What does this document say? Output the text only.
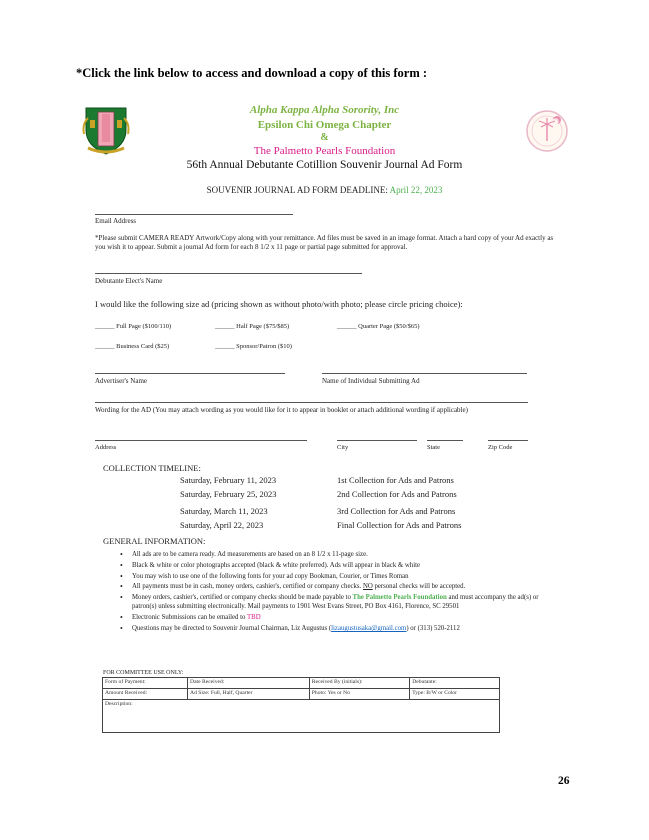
*Click the link below to access and download a copy of this form :
Alpha Kappa Alpha Sorority, Inc
Epsilon Chi Omega Chapter
&
The Palmetto Pearls Foundation
56th Annual Debutante Cotillion Souvenir Journal Ad Form
SOUVENIR JOURNAL AD FORM DEADLINE: April 22, 2023
Email Address
*Please submit CAMERA READY Artwork/Copy along with your remittance. Ad files must be saved in an image format. Attach a hard copy of your Ad exactly as you wish it to appear. Submit a journal Ad form for each 8 1/2 x 11 page or partial page submitted for approval.
Debutante Elect's Name
I would like the following size ad (pricing shown as without photo/with photo; please circle pricing choice):
______ Full Page ($100/110)	______ Half Page ($75/$85)	______ Quarter Page ($50/$65)
______ Business Card ($25)	______ Sponsor/Patron ($10)
Advertiser's Name	Name of Individual Submitting Ad
Wording for the AD (You may attach wording as you would like for it to appear in booklet or attach additional wording if applicable)
Address	City	State	Zip Code
COLLECTION TIMELINE:
Saturday, February 11, 2023	1st Collection for Ads and Patrons
Saturday, February 25, 2023	2nd Collection for Ads and Patrons
Saturday, March 11, 2023	3rd Collection for Ads and Patrons
Saturday, April 22, 2023	Final Collection for Ads and Patrons
GENERAL INFORMATION:
• All ads are to be camera ready. Ad measurements are based on an 8 1/2 x 11-page size.
• Black & white or color photographs accepted (black & white preferred). Ads will appear in black & white
• You may wish to use one of the following fonts for your ad copy Bookman, Courier, or Times Roman
• All payments must be in cash, money orders, cashier's, certified or company checks. NO personal checks will be accepted.
• Money orders, cashier's, certified or company checks should be made payable to The Palmetto Pearls Foundation and must accompany the ad(s) or patron(s) unless submitting electronically. Mail payments to 1901 West Evans Street, PO Box 4161, Florence, SC 29501
• Electronic Submissions can be emailed to TBD
• Questions may be directed to Souvenir Journal Chairman, Liz Augustus (lizaugustusaka@gmail.com) or (313) 520-2112
FOR COMMITTEE USE ONLY:
Form of Payment:	Date Received:	Received By (initials):	Debutante:
Amount Received:	Ad Size: Full, Half, Quarter	Photo: Yes or No	Type: B/W or Color
Description:			
26
